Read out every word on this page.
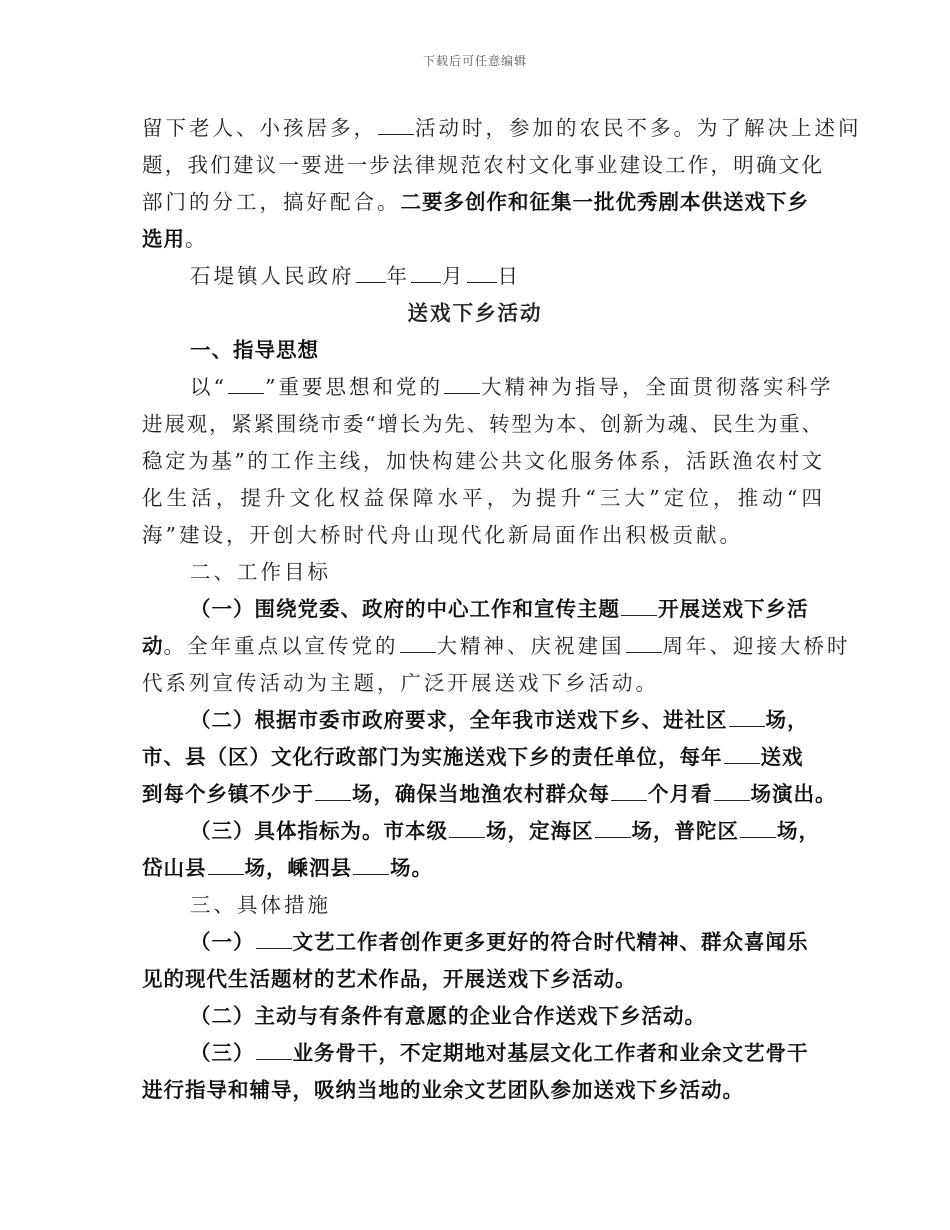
下载后可任意编辑
留下老人、小孩居多， 活动时，参加的农民不多。为了解决上述问
题，我们建议一要进一步法律规范农村文化事业建设工作，明确文化
部门的分工，搞好配合。二要多创作和征集一批优秀剧本供送戏下乡
选用。
石堤镇人民政府 年 月 日
送戏下乡活动
一、指导思想
以“ ”重要思想和党的 大精神为指导，全面贯彻落实科学
进展观，紧紧围绕市委“增长为先、转型为本、创新为魂、民生为重、
稳定为基”的工作主线，加快构建公共文化服务体系，活跃渔农村文
化生活，提升文化权益保障水平，为提升“三大”定位，推动“四
海”建设，开创大桥时代舟山现代化新局面作出积极贡献。
二、工作目标
（一）围绕党委、政府的中心工作和宣传主题 开展送戏下乡活
动。全年重点以宣传党的 大精神、庆祝建国 周年、迎接大桥时
代系列宣传活动为主题，广泛开展送戏下乡活动。
（二）根据市委市政府要求，全年我市送戏下乡、进社区 场，
市、县（区）文化行政部门为实施送戏下乡的责任单位，每年 送戏
到每个乡镇不少于 场，确保当地渔农村群众每 个月看 场演出。
（三）具体指标为。市本级 场，定海区 场，普陀区 场，
岱山县 场，嵊泗县 场。
三、具体措施
（一） 文艺工作者创作更多更好的符合时代精神、群众喜闻乐
见的现代生活题材的艺术作品，开展送戏下乡活动。
（二）主动与有条件有意愿的企业合作送戏下乡活动。
（三） 业务骨干，不定期地对基层文化工作者和业余文艺骨干
进行指导和辅导，吸纳当地的业余文艺团队参加送戏下乡活动。
